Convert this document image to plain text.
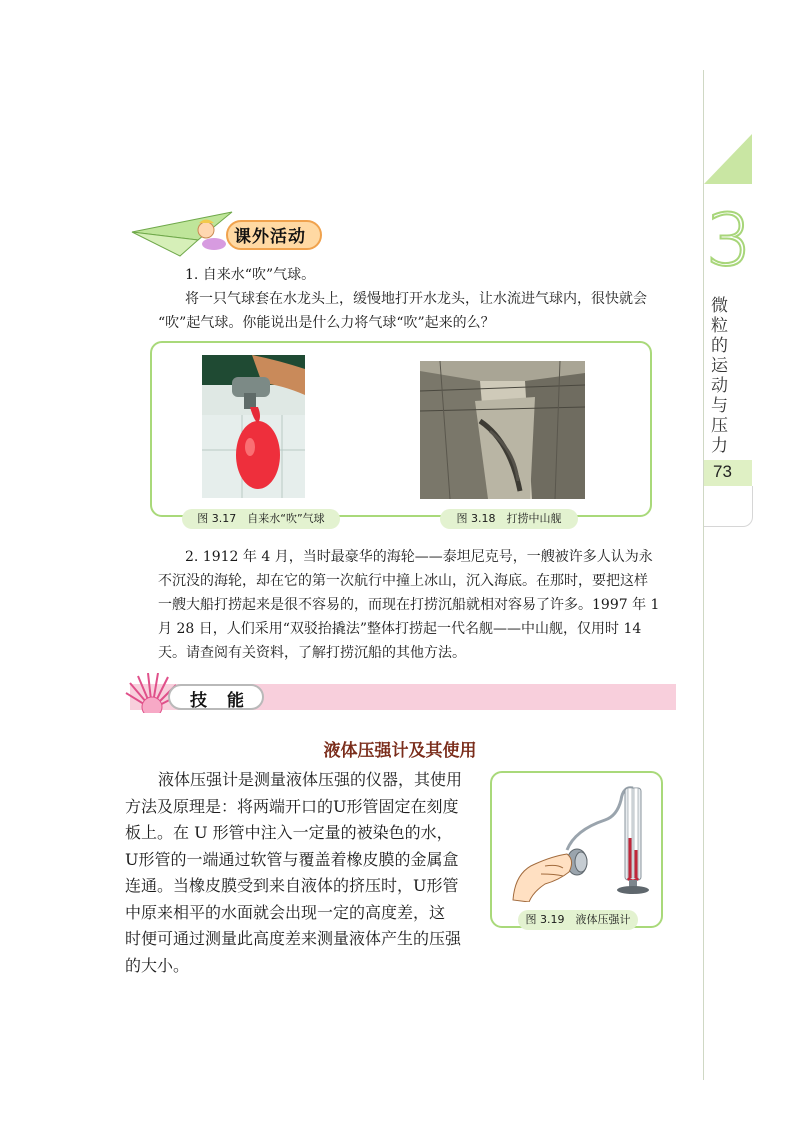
3
微粒的运动与压力
73
课外活动
1. 自来水“吹”气球。
将一只气球套在水龙头上，缓慢地打开水龙头，让水流进气球内，很快就会
“吹”起气球。你能说出是什么力将气球“吹”起来的么？
图 3.17　自来水“吹”气球	图 3.18　打捞中山舰
2. 1912 年 4 月，当时最豪华的海轮——泰坦尼克号，一艘被许多人认为永
不沉没的海轮，却在它的第一次航行中撞上冰山，沉入海底。在那时，要把这样
一艘大船打捞起来是很不容易的，而现在打捞沉船就相对容易了许多。1997 年 1
月 28 日，人们采用“双驳抬撬法”整体打捞起一代名舰——中山舰，仅用时 14
天。请查阅有关资料，了解打捞沉船的其他方法。
技能
液体压强计及其使用
液体压强计是测量液体压强的仪器，其使用
方法及原理是：将两端开口的U形管固定在刻度
板上。在 U 形管中注入一定量的被染色的水，
U形管的一端通过软管与覆盖着橡皮膜的金属盒
连通。当橡皮膜受到来自液体的挤压时，U形管
中原来相平的水面就会出现一定的高度差，这
时便可通过测量此高度差来测量液体产生的压强
的大小。
图 3.19　液体压强计
